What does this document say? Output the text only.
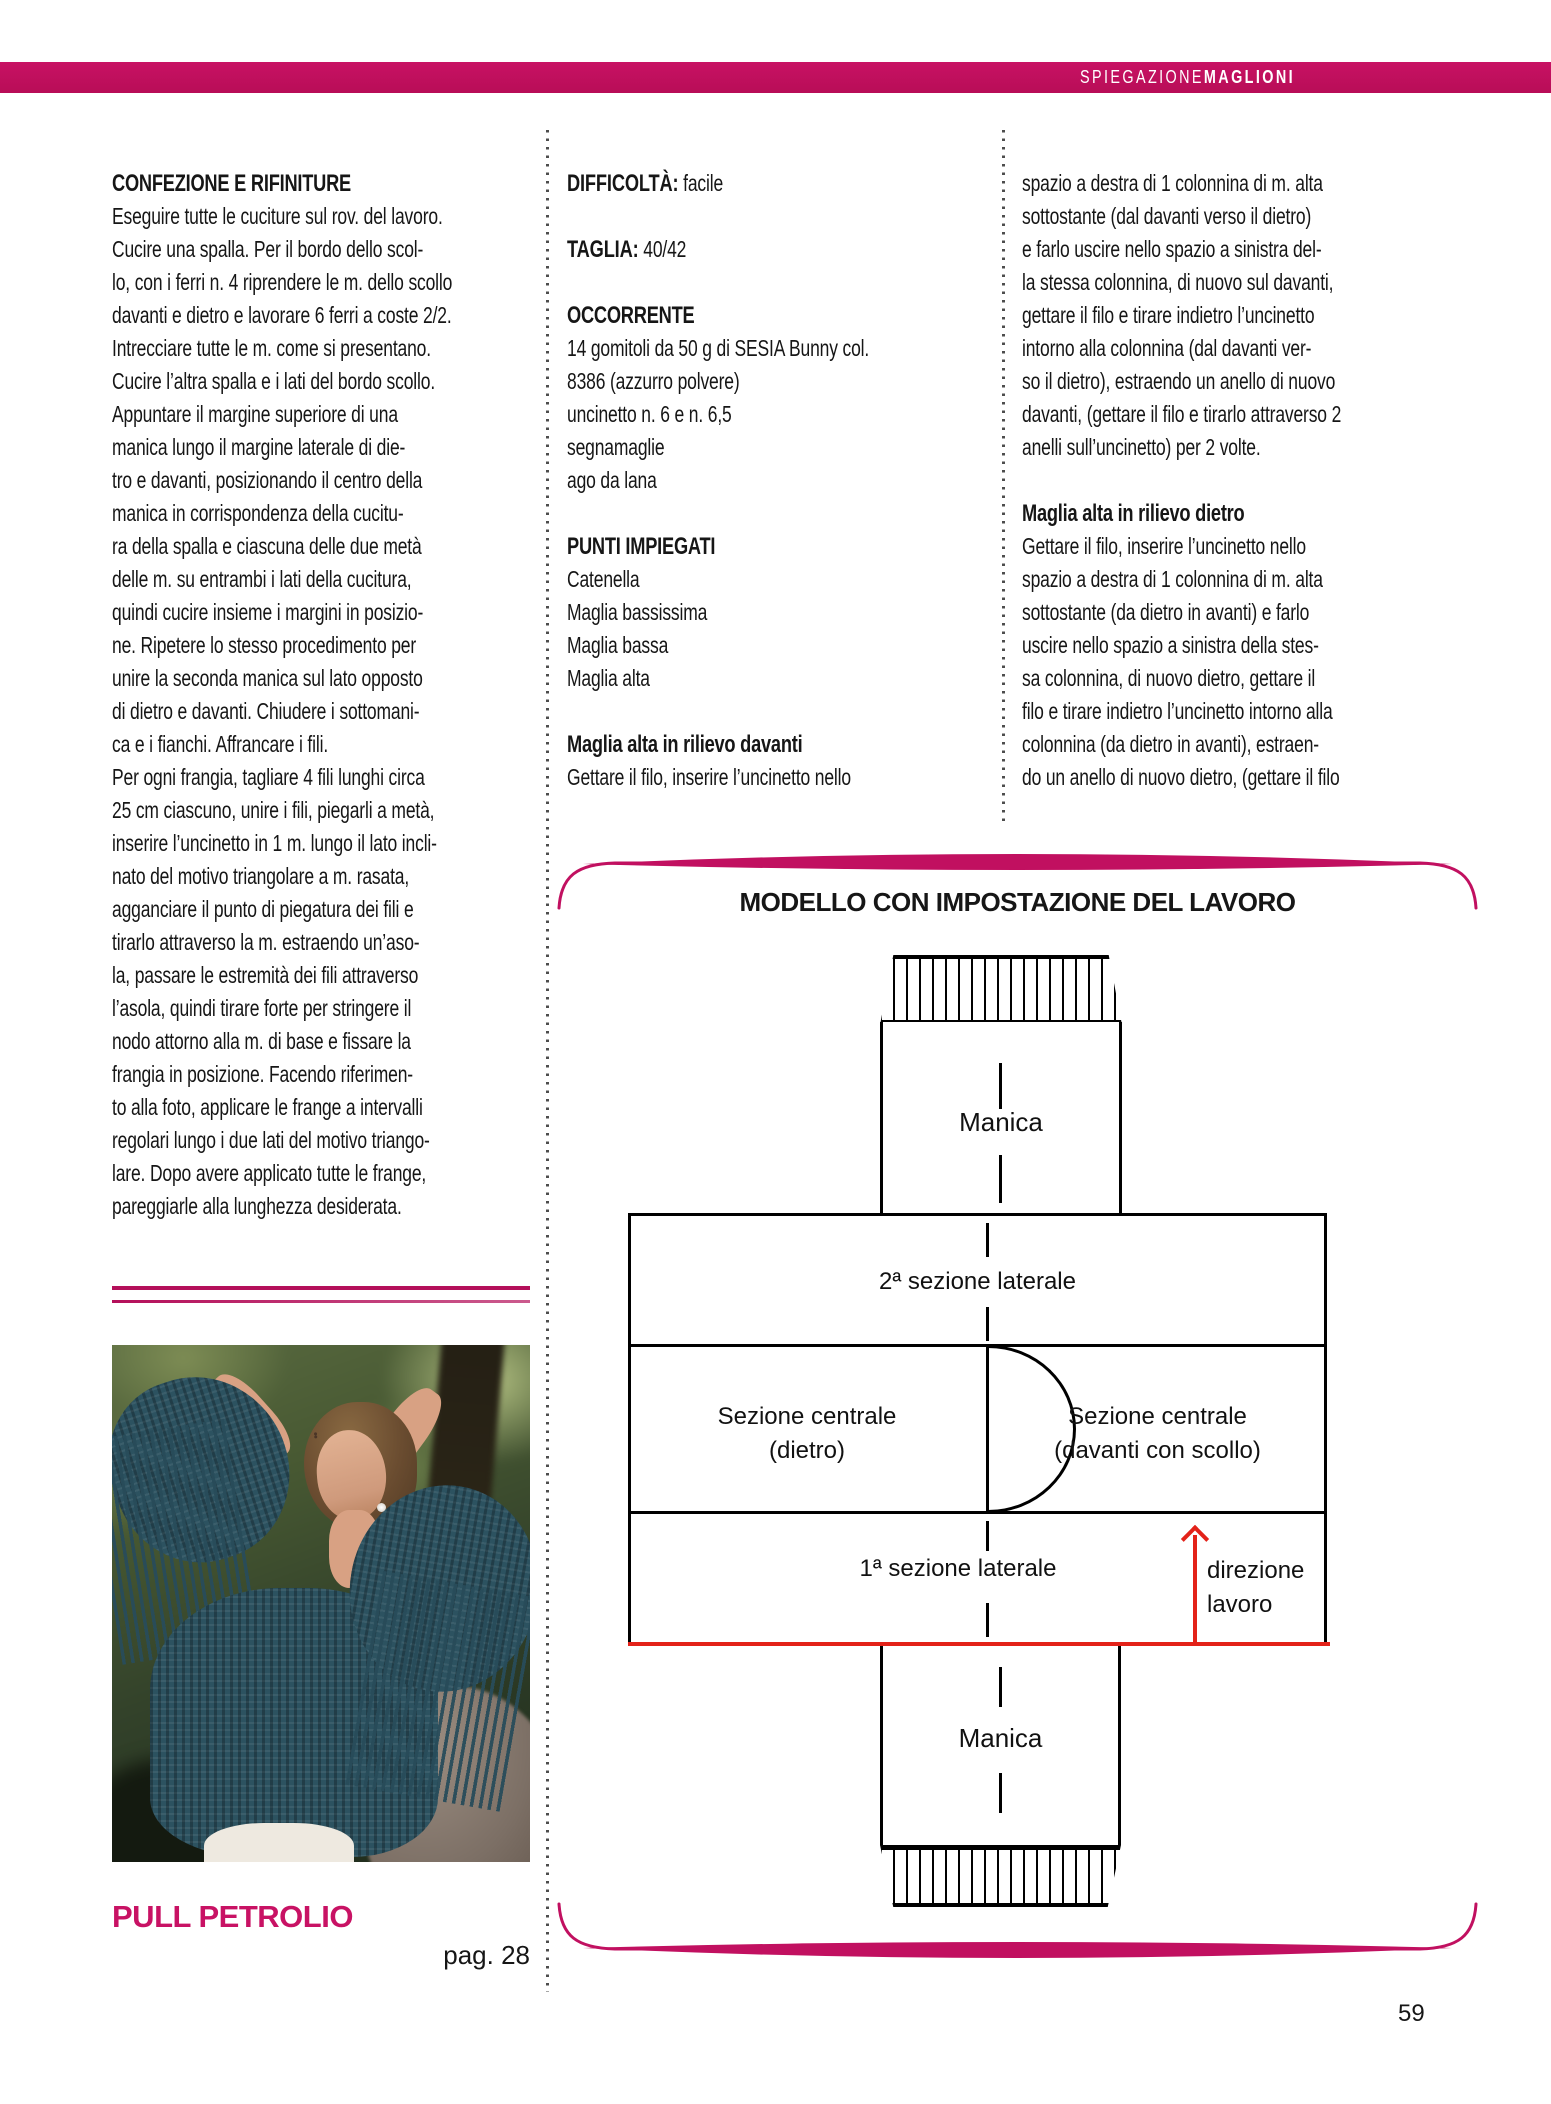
SPIEGAZIONEMAGLIONI
CONFEZIONE E RIFINITURE
Eseguire tutte le cuciture sul rov. del lavoro.
Cucire una spalla. Per il bordo dello scol-
lo, con i ferri n. 4 riprendere le m. dello scollo
davanti e dietro e lavorare 6 ferri a coste 2/2.
Intrecciare tutte le m. come si presentano.
Cucire l’altra spalla e i lati del bordo scollo.
Appuntare il margine superiore di una
manica lungo il margine laterale di die-
tro e davanti, posizionando il centro della
manica in corrispondenza della cucitu-
ra della spalla e ciascuna delle due metà
delle m. su entrambi i lati della cucitura,
quindi cucire insieme i margini in posizio-
ne. Ripetere lo stesso procedimento per
unire la seconda manica sul lato opposto
di dietro e davanti. Chiudere i sottomani-
ca e i fianchi. Affrancare i fili.
Per ogni frangia, tagliare 4 fili lunghi circa
25 cm ciascuno, unire i fili, piegarli a metà,
inserire l’uncinetto in 1 m. lungo il lato incli-
nato del motivo triangolare a m. rasata,
agganciare il punto di piegatura dei fili e
tirarlo attraverso la m. estraendo un’aso-
la, passare le estremità dei fili attraverso
l’asola, quindi tirare forte per stringere il
nodo attorno alla m. di base e fissare la
frangia in posizione. Facendo riferimen-
to alla foto, applicare le frange a intervalli
regolari lungo i due lati del motivo triango-
lare. Dopo avere applicato tutte le frange,
pareggiarle alla lunghezza desiderata.
DIFFICOLTÀ: facile

TAGLIA: 40/42

OCCORRENTE
14 gomitoli da 50 g di SESIA Bunny col.
8386 (azzurro polvere)
uncinetto n. 6 e n. 6,5
segnamaglie
ago da lana

PUNTI IMPIEGATI
Catenella
Maglia bassissima
Maglia bassa
Maglia alta

Maglia alta in rilievo davanti
Gettare il filo, inserire l’uncinetto nello
spazio a destra di 1 colonnina di m. alta
sottostante (dal davanti verso il dietro)
e farlo uscire nello spazio a sinistra del-
la stessa colonnina, di nuovo sul davanti,
gettare il filo e tirare indietro l’uncinetto
intorno alla colonnina (dal davanti ver-
so il dietro), estraendo un anello di nuovo
davanti, (gettare il filo e tirarlo attraverso 2
anelli sull’uncinetto) per 2 volte.

Maglia alta in rilievo dietro
Gettare il filo, inserire l’uncinetto nello
spazio a destra di 1 colonnina di m. alta
sottostante (da dietro in avanti) e farlo
uscire nello spazio a sinistra della stes-
sa colonnina, di nuovo dietro, gettare il
filo e tirare indietro l’uncinetto intorno alla
colonnina (da dietro in avanti), estraen-
do un anello di nuovo dietro, (gettare il filo
MODELLO CON IMPOSTAZIONE DEL LAVORO
Manica
2ª sezione laterale
Sezione centrale
(dietro)
Sezione centrale
(davanti con scollo)
1ª sezione laterale	direzione
lavoro
Manica
PULL PETROLIO
pag. 28
59
